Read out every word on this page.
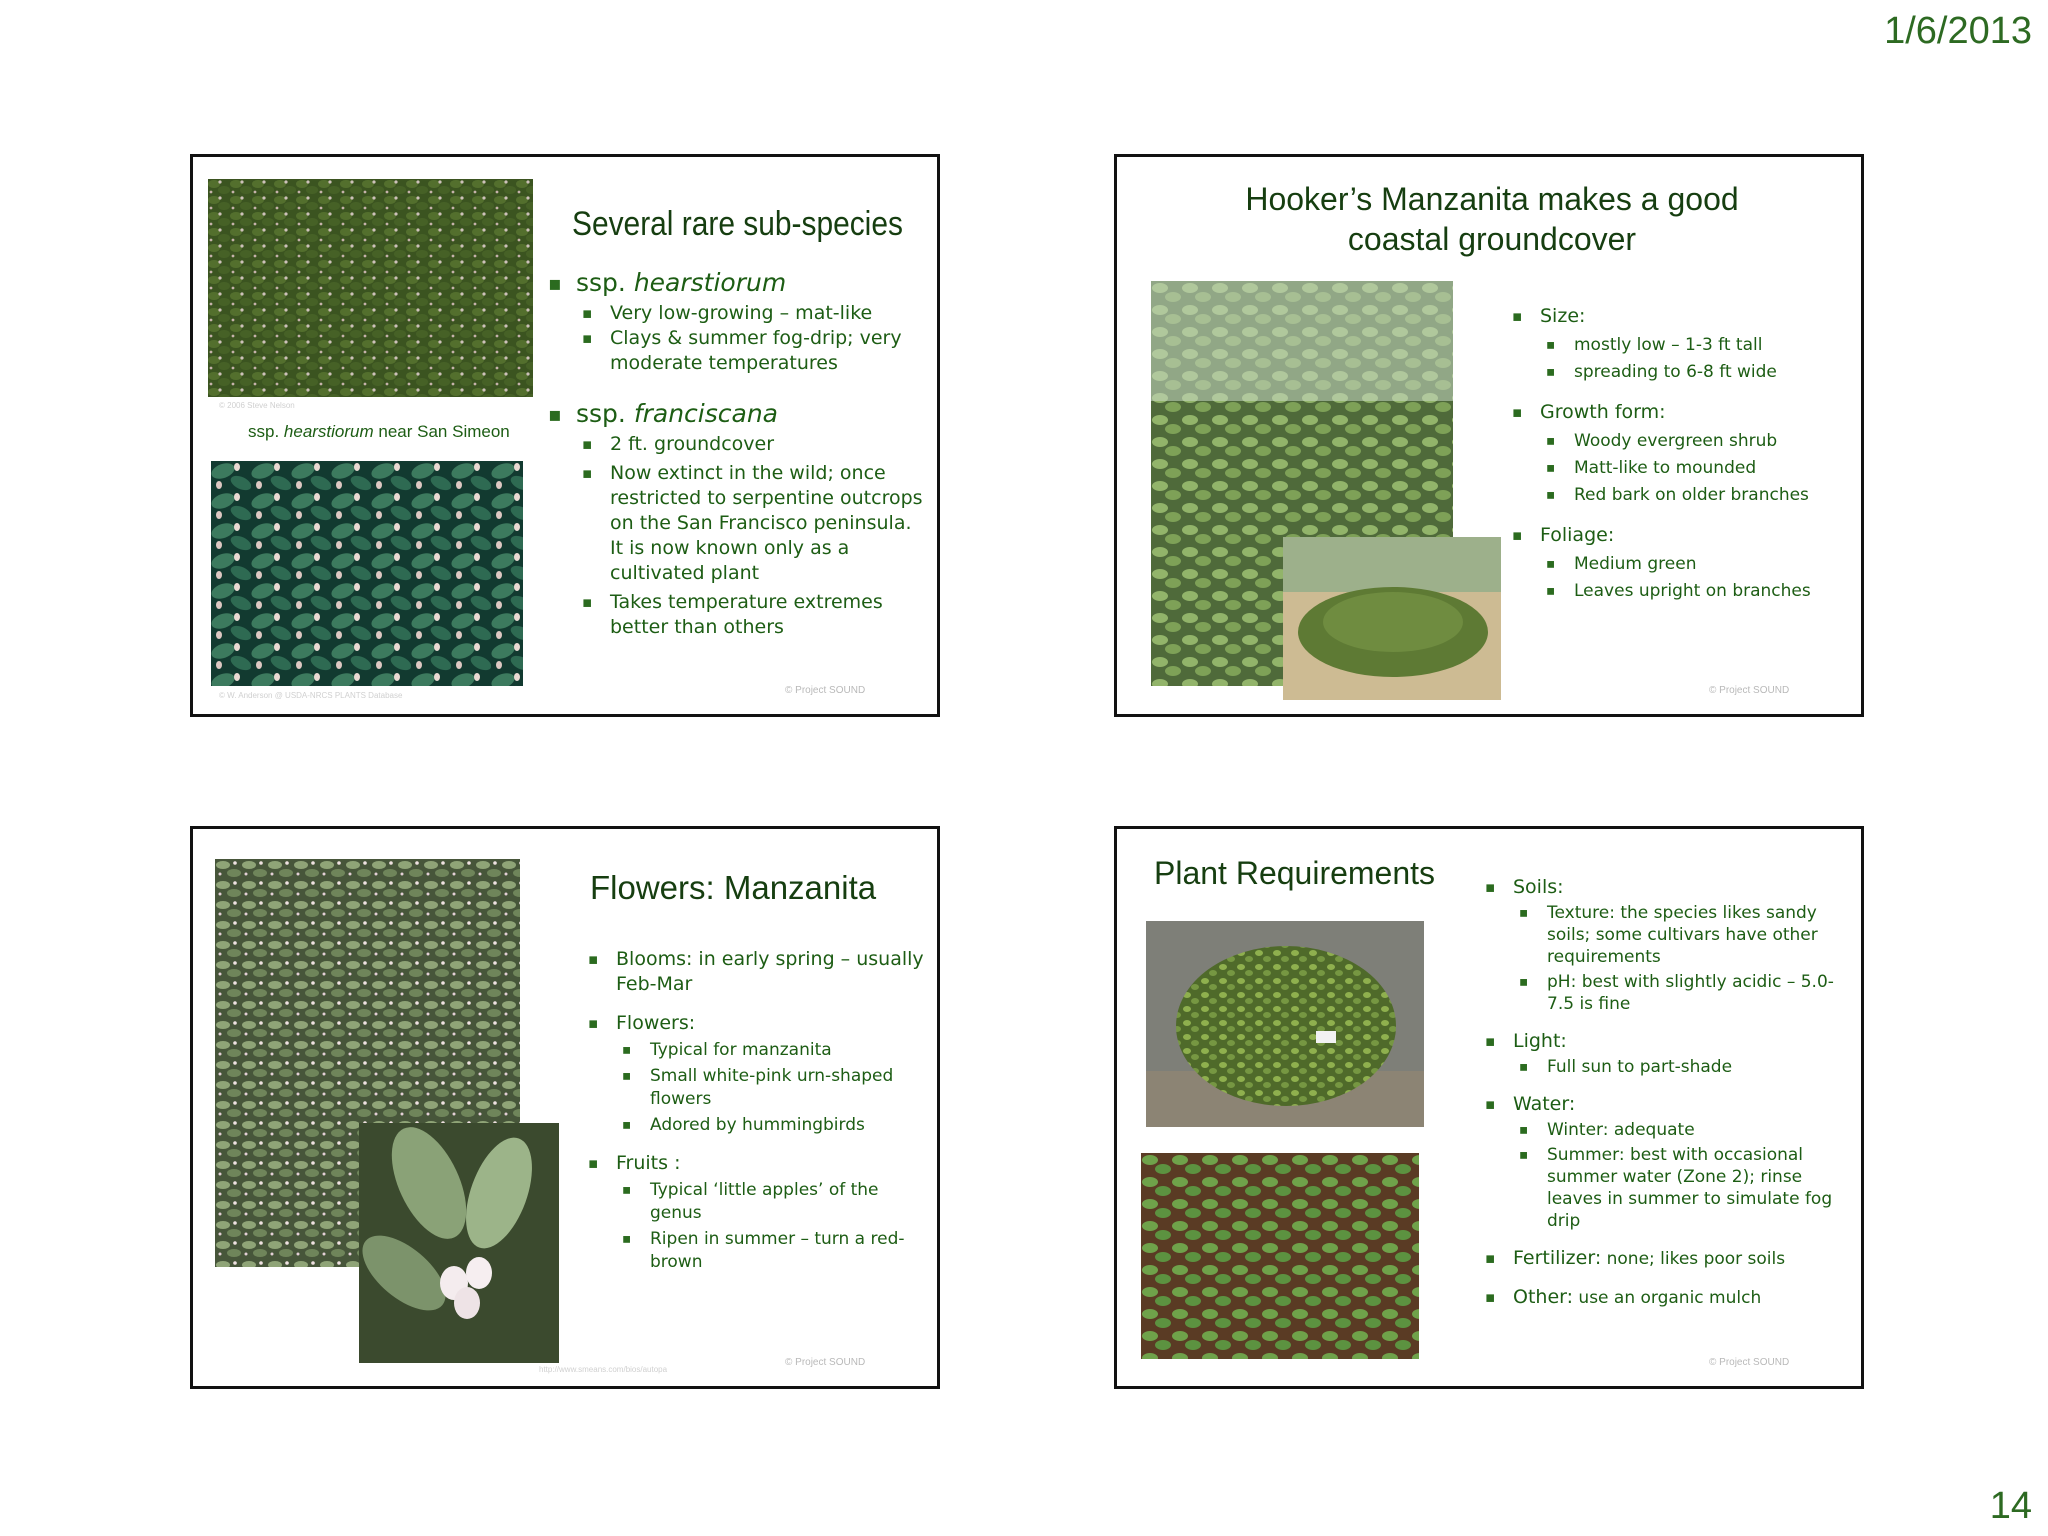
1/6/2013
14
© 2006 Steve Nelson
ssp. hearstiorum near San Simeon
© W. Anderson @ USDA-NRCS PLANTS Database
Several rare sub-species
▪ ssp. hearstiorum
▪ Very low-growing – mat-like
▪ Clays & summer fog-drip; very moderate temperatures
▪ ssp. franciscana
▪ 2 ft. groundcover
▪ Now extinct in the wild; once restricted to serpentine outcrops on the San Francisco peninsula. It is now known only as a cultivated plant
▪ Takes temperature extremes better than others
© Project SOUND
Hooker’s Manzanita makes a good
coastal groundcover
▪ Size:
▪ mostly low – 1-3 ft tall
▪ spreading to 6-8 ft wide
▪ Growth form:
▪ Woody evergreen shrub
▪ Matt-like to mounded
▪ Red bark on older branches
▪ Foliage:
▪ Medium green
▪ Leaves upright on branches
© Project SOUND
http://www.smeans.com/bios/autopa
Flowers: Manzanita
▪ Blooms: in early spring – usually Feb-Mar
▪ Flowers:
▪ Typical for manzanita
▪ Small white-pink urn-shaped flowers
▪ Adored by hummingbirds
▪ Fruits :
▪ Typical ‘little apples’ of the genus
▪ Ripen in summer – turn a red-brown
© Project SOUND
Plant Requirements
▪	Soils:
▪ Texture: the species likes sandy soils; some cultivars have other requirements
▪ pH: best with slightly acidic – 5.0-7.5 is fine
▪ Light:
▪ Full sun to part-shade
▪ Water:
▪ Winter: adequate
▪ Summer: best with occasional summer water (Zone 2); rinse leaves in summer to simulate fog drip
▪ Fertilizer: none; likes poor soils
▪ Other: use an organic mulch
© Project SOUND
